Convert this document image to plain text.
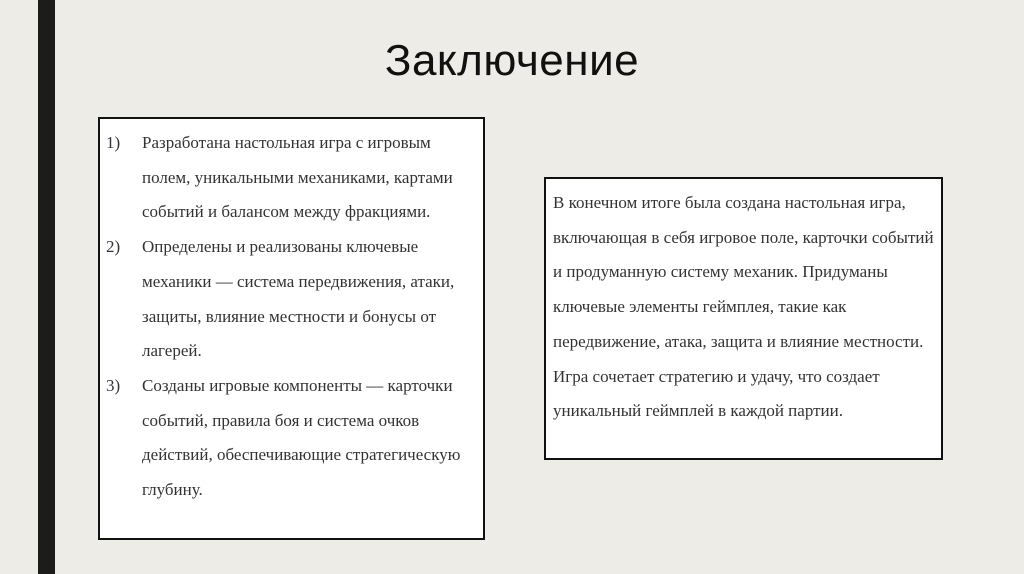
Заключение
1) Разработана настольная игра с игровым полем, уникальными механиками, картами событий и балансом между фракциями.
2) Определены и реализованы ключевые механики — система передвижения, атаки, защиты, влияние местности и бонусы от лагерей.
3) Созданы игровые компоненты — карточки событий, правила боя и система очков действий, обеспечивающие стратегическую глубину.

В конечном итоге была создана настольная игра, включающая в себя игровое поле, карточки событий и продуманную систему механик. Придуманы ключевые элементы геймплея, такие как передвижение, атака, защита и влияние местности. Игра сочетает стратегию и удачу, что создает уникальный геймплей в каждой партии.
